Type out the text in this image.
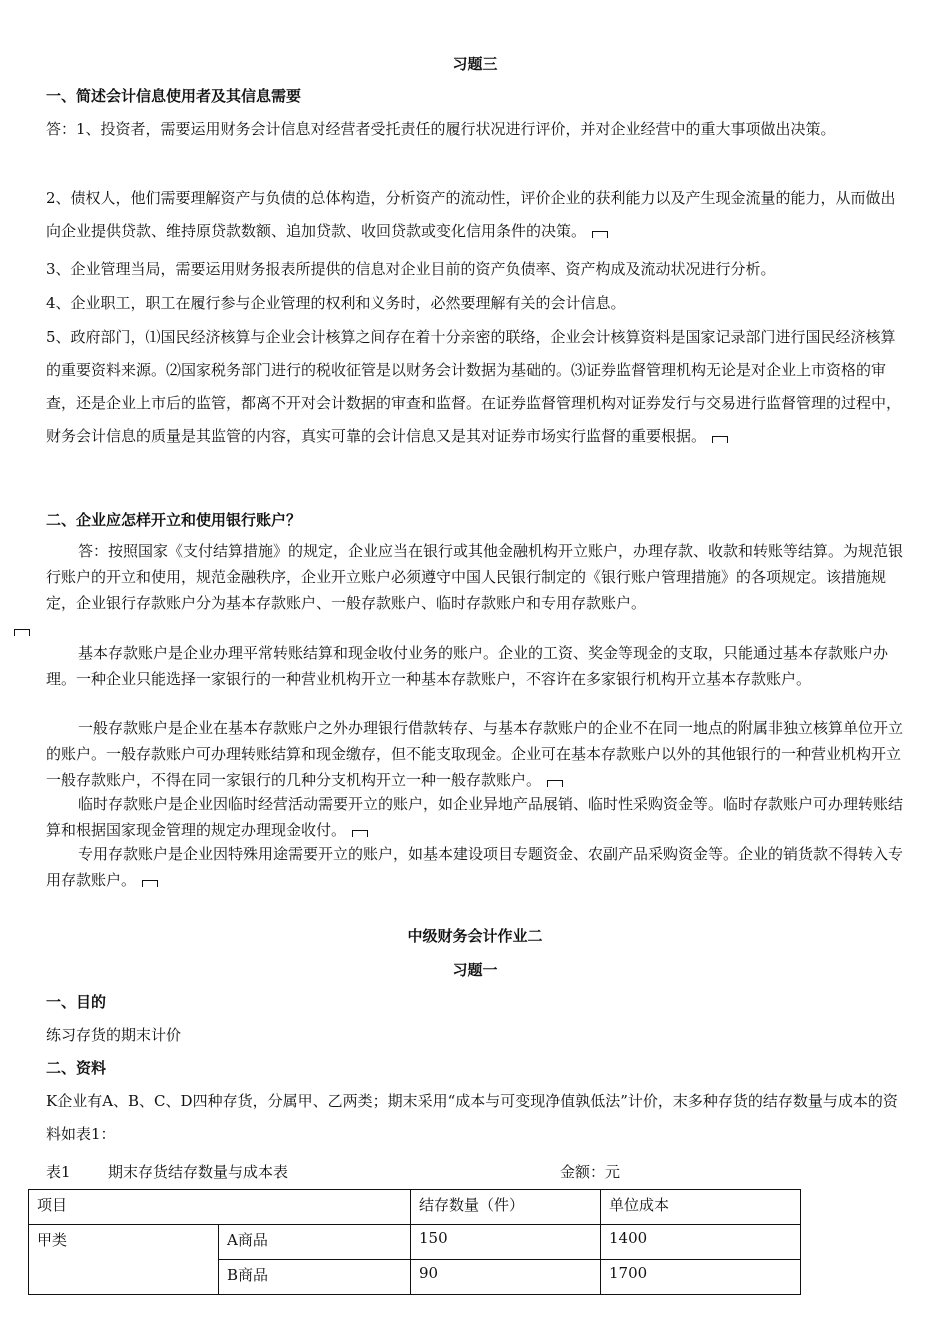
习题三
一、简述会计信息使用者及其信息需要
答：1、投资者，需要运用财务会计信息对经营者受托责任的履行状况进行评价，并对企业经营中的重大事项做出决策。
2、债权人，他们需要理解资产与负债的总体构造，分析资产的流动性，评价企业的获利能力以及产生现金流量的能力，从而做出向企业提供贷款、维持原贷款数额、追加贷款、收回贷款或变化信用条件的决策。
3、企业管理当局，需要运用财务报表所提供的信息对企业目前的资产负债率、资产构成及流动状况进行分析。
4、企业职工，职工在履行参与企业管理的权利和义务时，必然要理解有关的会计信息。
5、政府部门，⑴国民经济核算与企业会计核算之间存在着十分亲密的联络，企业会计核算资料是国家记录部门进行国民经济核算的重要资料来源。⑵国家税务部门进行的税收征管是以财务会计数据为基础的。⑶证券监督管理机构无论是对企业上市资格的审查，还是企业上市后的监管，都离不开对会计数据的审查和监督。在证券监督管理机构对证券发行与交易进行监督管理的过程中，财务会计信息的质量是其监管的内容，真实可靠的会计信息又是其对证券市场实行监督的重要根据。
二、企业应怎样开立和使用银行账户？
答：按照国家《支付结算措施》的规定，企业应当在银行或其他金融机构开立账户，办理存款、收款和转账等结算。为规范银行账户的开立和使用，规范金融秩序，企业开立账户必须遵守中国人民银行制定的《银行账户管理措施》的各项规定。该措施规定，企业银行存款账户分为基本存款账户、一般存款账户、临时存款账户和专用存款账户。

基本存款账户是企业办理平常转账结算和现金收付业务的账户。企业的工资、奖金等现金的支取，只能通过基本存款账户办理。一种企业只能选择一家银行的一种营业机构开立一种基本存款账户，不容许在多家银行机构开立基本存款账户。
一般存款账户是企业在基本存款账户之外办理银行借款转存、与基本存款账户的企业不在同一地点的附属非独立核算单位开立的账户。一般存款账户可办理转账结算和现金缴存，但不能支取现金。企业可在基本存款账户以外的其他银行的一种营业机构开立一般存款账户，不得在同一家银行的几种分支机构开立一种一般存款账户。
临时存款账户是企业因临时经营活动需要开立的账户，如企业异地产品展销、临时性采购资金等。临时存款账户可办理转账结算和根据国家现金管理的规定办理现金收付。
专用存款账户是企业因特殊用途需要开立的账户，如基本建设项目专题资金、农副产品采购资金等。企业的销货款不得转入专用存款账户。
中级财务会计作业二
习题一
一、目的
练习存货的期末计价
二、资料
K企业有A、B、C、D四种存货，分属甲、乙两类；期末采用“成本与可变现净值孰低法”计价，末多种存货的结存数量与成本的资料如表1：
表1 期末存货结存数量与成本表	金额：元
项目		结存数量（件）	单位成本
甲类	A商品	150	1400
	B商品	90	1700
